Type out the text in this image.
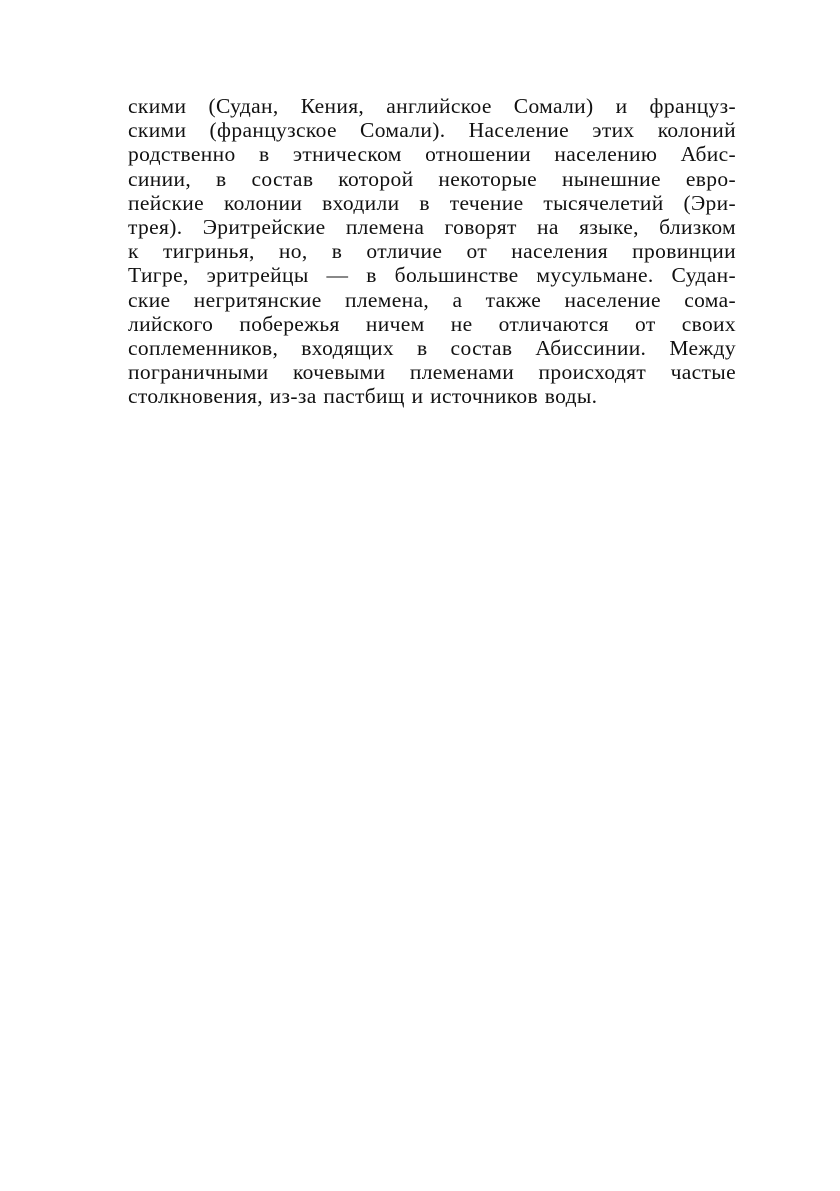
скими (Судан, Кения, английское Сомали) и француз-
скими (французское Сомали). Население этих колоний
родственно в этническом отношении населению Абис-
синии, в состав которой некоторые нынешние евро-
пейские колонии входили в течение тысячелетий (Эри-
трея). Эритрейские племена говорят на языке, близком
к тигринья, но, в отличие от населения провинции
Тигре, эритрейцы — в большинстве мусульмане. Судан-
ские негритянские племена, а также население сома-
лийского побережья ничем не отличаются от своих
соплеменников, входящих в состав Абиссинии. Между
пограничными кочевыми племенами происходят частые
столкновения, из-за пастбищ и источников воды.
